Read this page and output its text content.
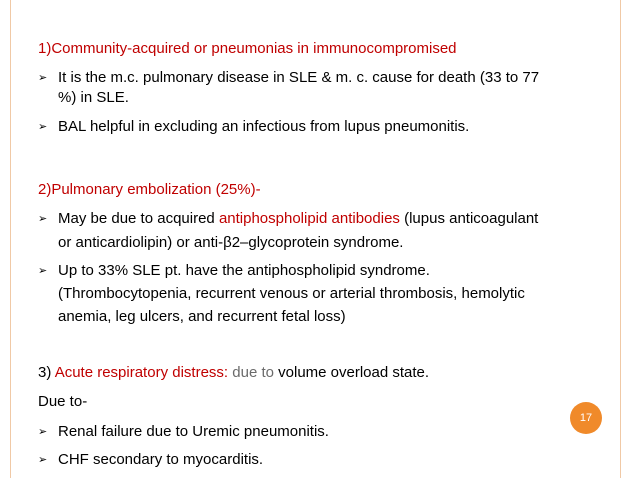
1)Community-acquired or pneumonias in immunocompromised
➢ It is the m.c. pulmonary disease in SLE & m. c. cause for death (33 to 77
%) in SLE.
➢ BAL helpful in excluding an infectious from lupus pneumonitis.
2)Pulmonary embolization (25%)-
➢ May be due to acquired antiphospholipid antibodies (lupus anticoagulant
or anticardiolipin) or anti-β2–glycoprotein syndrome.
➢ Up to 33% SLE pt. have the antiphospholipid syndrome.
(Thrombocytopenia, recurrent venous or arterial thrombosis, hemolytic
anemia, leg ulcers, and recurrent fetal loss)
3) Acute respiratory distress: due to volume overload state.
Due to-
➢ Renal failure due to Uremic pneumonitis.
➢ CHF secondary to myocarditis.
17
